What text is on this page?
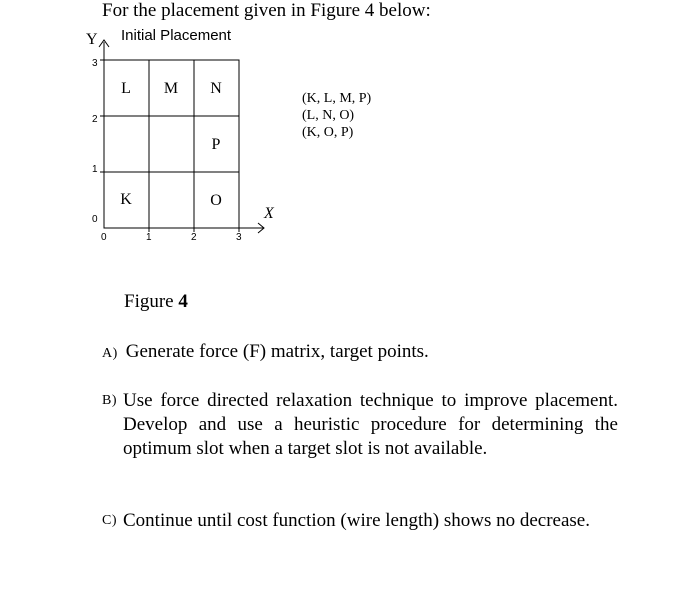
For the placement given in Figure 4 below:
Initial Placement
Y
X
3
2
1
0
0	1	2	3
L M N
P
K	O
(K, L, M, P)
(L, N, O)
(K, O, P)
Figure 4
A) Generate force (F) matrix, target points.
B) Use force directed relaxation technique to improve placement. Develop and use a heuristic procedure for determining the optimum slot when a target slot is not available.
C) Continue until cost function (wire length) shows no decrease.
